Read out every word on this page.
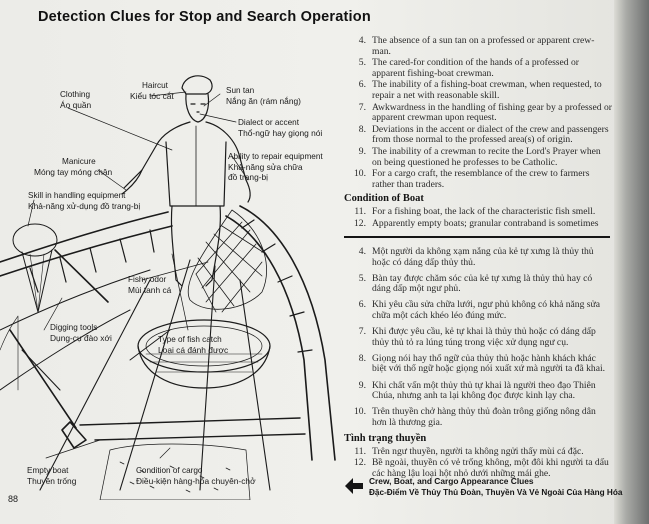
Detection Clues for Stop and Search Operation
Clothing
Áo quần
Haircut
Kiểu tóc cắt
Sun tan
Nắng ăn (rám nắng)
Dialect or accent
Thổ-ngữ hay giọng nói
Manicure
Móng tay móng chân
Ability to repair equipment
Khả-năng sửa chữa
đồ trang-bị
Skill in handling equipment
Khả-năng xử-dụng đồ trang-bị
Fishy odor
Mùi tanh cá
Digging tools
Dụng-cụ đào xới	Type of fish catch
Loại cá đánh được
Empty boat
Thuyền trống
Condition of cargo
Điều-kiện hàng-hóa chuyên-chở
4. The absence of a sun tan on a professed or apparent crew-man.
5. The cared-for condition of the hands of a professed or apparent fishing-boat crewman.
6. The inability of a fishing-boat crewman, when requested, to repair a net with reasonable skill.
7. Awkwardness in the handling of fishing gear by a professed or apparent crewman upon request.
8. Deviations in the accent or dialect of the crew and passengers from those normal to the professed area(s) of origin.
9. The inability of a crewman to recite the Lord's Prayer when on being questioned he professes to be Catholic.
10. For a cargo craft, the resemblance of the crew to farmers rather than traders.
Condition of Boat
11. For a fishing boat, the lack of the characteristic fish smell.
12. Apparently empty boats; granular contraband is sometimes
4. Một người da không xạm nắng của kẻ tự xưng là thủy thủ hoặc có dáng dấp thủy thủ.
5. Bàn tay được chăm sóc của kẻ tự xưng là thủy thủ hay có dáng dấp một ngư phủ.
6. Khi yêu cầu sửa chữa lưới, ngư phủ không có khả năng sửa chữa một cách khéo léo đúng mức.
7. Khi được yêu cầu, kẻ tự khai là thủy thủ hoặc có dáng dấp thủy thủ tỏ ra lúng túng trong việc xử dụng ngư cụ.
8. Giọng nói hay thổ ngữ của thủy thủ hoặc hành khách khác biệt với thổ ngữ hoặc giọng nói xuất xứ mà người ta đã khai.
9. Khi chất vấn một thủy thủ tự khai là người theo đạo Thiên Chúa, nhưng anh ta lại không đọc được kinh lạy cha.
10. Trên thuyền chở hàng thủy thủ đoàn trông giống nông dân hơn là thương gia.
Tình trạng thuyền
11. Trên ngư thuyền, người ta không ngửi thấy mùi cá đặc.
12. Bề ngoài, thuyền có vẻ trống không, một đôi khi người ta dấu các hàng lậu loại hột nhỏ dưới những mái ghe.
Crew, Boat, and Cargo Appearance Clues
Đặc-Điểm Về Thủy Thủ Đoàn, Thuyền Và Vẻ Ngoài Của Hàng Hóa
88
